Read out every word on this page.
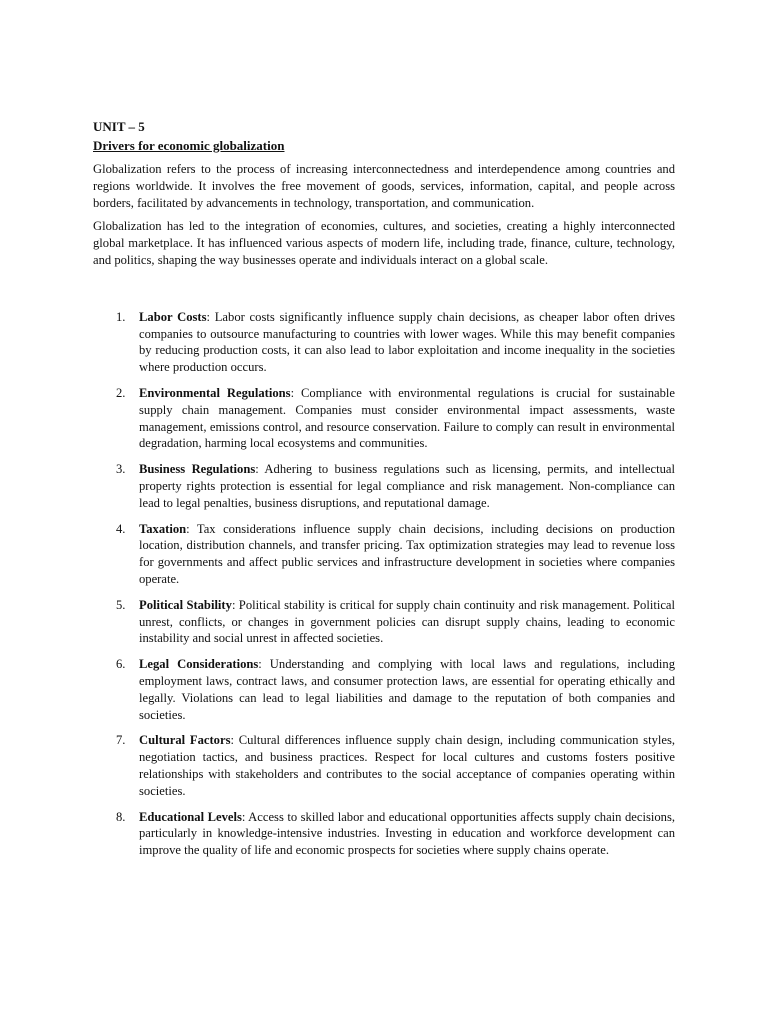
UNIT – 5
Drivers for economic globalization

Globalization refers to the process of increasing interconnectedness and interdependence among countries and regions worldwide. It involves the free movement of goods, services, information, capital, and people across borders, facilitated by advancements in technology, transportation, and communication.

Globalization has led to the integration of economies, cultures, and societies, creating a highly interconnected global marketplace. It has influenced various aspects of modern life, including trade, finance, culture, technology, and politics, shaping the way businesses operate and individuals interact on a global scale.

1. Labor Costs: Labor costs significantly influence supply chain decisions, as cheaper labor often drives companies to outsource manufacturing to countries with lower wages. While this may benefit companies by reducing production costs, it can also lead to labor exploitation and income inequality in the societies where production occurs.
2. Environmental Regulations: Compliance with environmental regulations is crucial for sustainable supply chain management. Companies must consider environmental impact assessments, waste management, emissions control, and resource conservation. Failure to comply can result in environmental degradation, harming local ecosystems and communities.
3. Business Regulations: Adhering to business regulations such as licensing, permits, and intellectual property rights protection is essential for legal compliance and risk management. Non-compliance can lead to legal penalties, business disruptions, and reputational damage.
4. Taxation: Tax considerations influence supply chain decisions, including decisions on production location, distribution channels, and transfer pricing. Tax optimization strategies may lead to revenue loss for governments and affect public services and infrastructure development in societies where companies operate.
5. Political Stability: Political stability is critical for supply chain continuity and risk management. Political unrest, conflicts, or changes in government policies can disrupt supply chains, leading to economic instability and social unrest in affected societies.
6. Legal Considerations: Understanding and complying with local laws and regulations, including employment laws, contract laws, and consumer protection laws, are essential for operating ethically and legally. Violations can lead to legal liabilities and damage to the reputation of both companies and societies.
7. Cultural Factors: Cultural differences influence supply chain design, including communication styles, negotiation tactics, and business practices. Respect for local cultures and customs fosters positive relationships with stakeholders and contributes to the social acceptance of companies operating within societies.
8. Educational Levels: Access to skilled labor and educational opportunities affects supply chain decisions, particularly in knowledge-intensive industries. Investing in education and workforce development can improve the quality of life and economic prospects for societies where supply chains operate.
